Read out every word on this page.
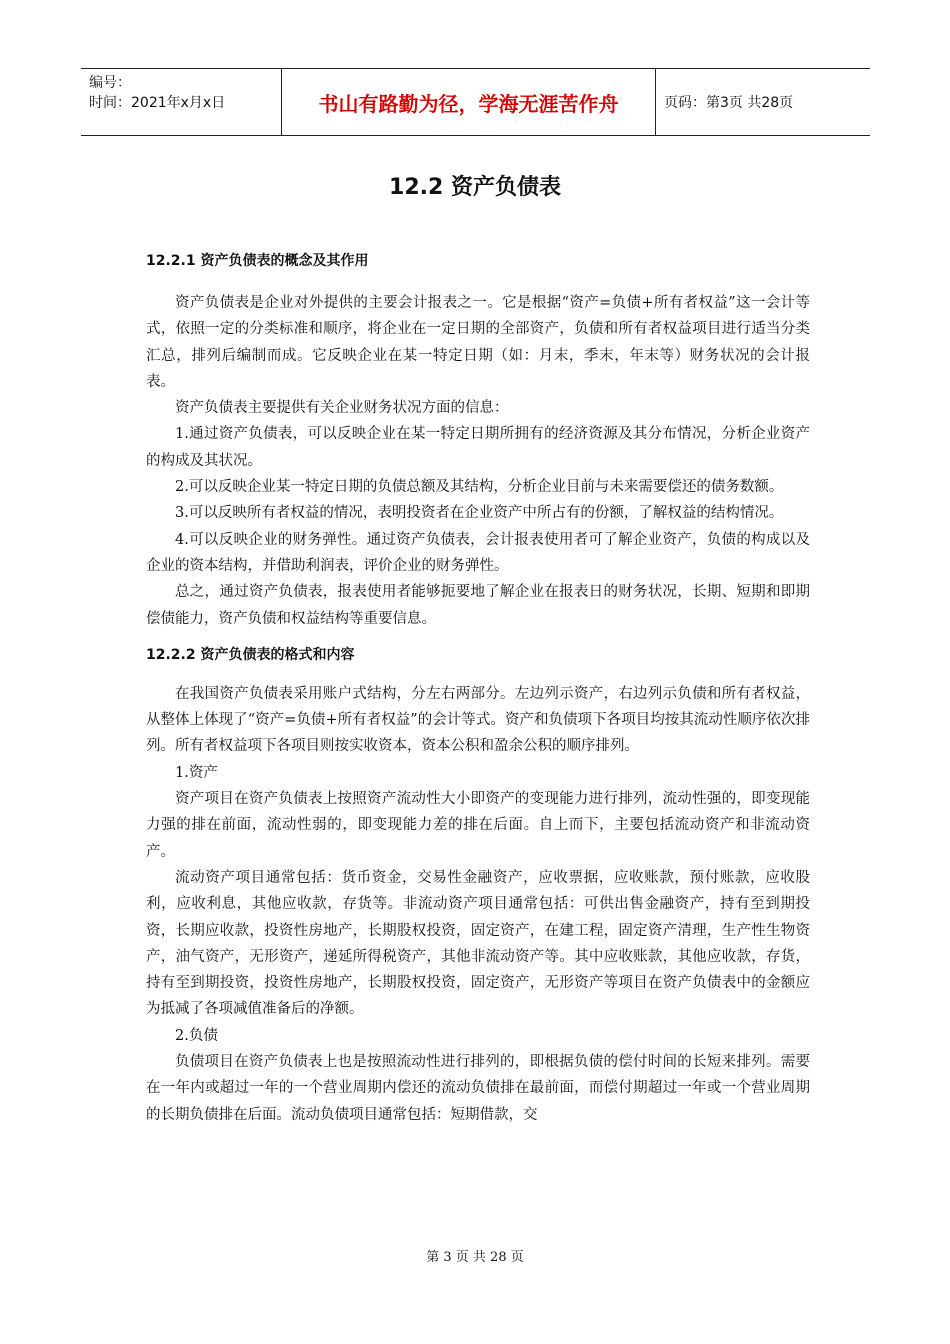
编号：
时间：2021年x月x日	书山有路勤为径，学海无涯苦作舟	页码：第3页 共28页
12.2 资产负债表
12.2.1 资产负债表的概念及其作用

资产负债表是企业对外提供的主要会计报表之一。它是根据“资产=负债+所有者权益”这一会计等式，依照一定的分类标准和顺序，将企业在一定日期的全部资产，负债和所有者权益项目进行适当分类汇总，排列后编制而成。它反映企业在某一特定日期（如：月末，季末，年末等）财务状况的会计报表。

资产负债表主要提供有关企业财务状况方面的信息：

1.通过资产负债表，可以反映企业在某一特定日期所拥有的经济资源及其分布情况，分析企业资产的构成及其状况。

2.可以反映企业某一特定日期的负债总额及其结构，分析企业目前与未来需要偿还的债务数额。

3.可以反映所有者权益的情况，表明投资者在企业资产中所占有的份额，了解权益的结构情况。

4.可以反映企业的财务弹性。通过资产负债表，会计报表使用者可了解企业资产，负债的构成以及企业的资本结构，并借助利润表，评价企业的财务弹性。

总之，通过资产负债表，报表使用者能够扼要地了解企业在报表日的财务状况，长期、短期和即期偿债能力，资产负债和权益结构等重要信息。

12.2.2 资产负债表的格式和内容

在我国资产负债表采用账户式结构，分左右两部分。左边列示资产，右边列示负债和所有者权益，从整体上体现了“资产=负债+所有者权益”的会计等式。资产和负债项下各项目均按其流动性顺序依次排列。所有者权益项下各项目则按实收资本，资本公积和盈余公积的顺序排列。

1.资产

资产项目在资产负债表上按照资产流动性大小即资产的变现能力进行排列，流动性强的，即变现能力强的排在前面，流动性弱的，即变现能力差的排在后面。自上而下，主要包括流动资产和非流动资产。

流动资产项目通常包括：货币资金，交易性金融资产，应收票据，应收账款，预付账款，应收股利，应收利息，其他应收款，存货等。非流动资产项目通常包括：可供出售金融资产，持有至到期投资，长期应收款，投资性房地产，长期股权投资，固定资产，在建工程，固定资产清理，生产性生物资产，油气资产，无形资产，递延所得税资产，其他非流动资产等。其中应收账款，其他应收款，存货，持有至到期投资，投资性房地产，长期股权投资，固定资产，无形资产等项目在资产负债表中的金额应为抵减了各项减值准备后的净额。

2.负债

负债项目在资产负债表上也是按照流动性进行排列的，即根据负债的偿付时间的长短来排列。需要在一年内或超过一年的一个营业周期内偿还的流动负债排在最前面，而偿付期超过一年或一个营业周期的长期负债排在后面。流动负债项目通常包括：短期借款，交

第 3 页 共 28 页
